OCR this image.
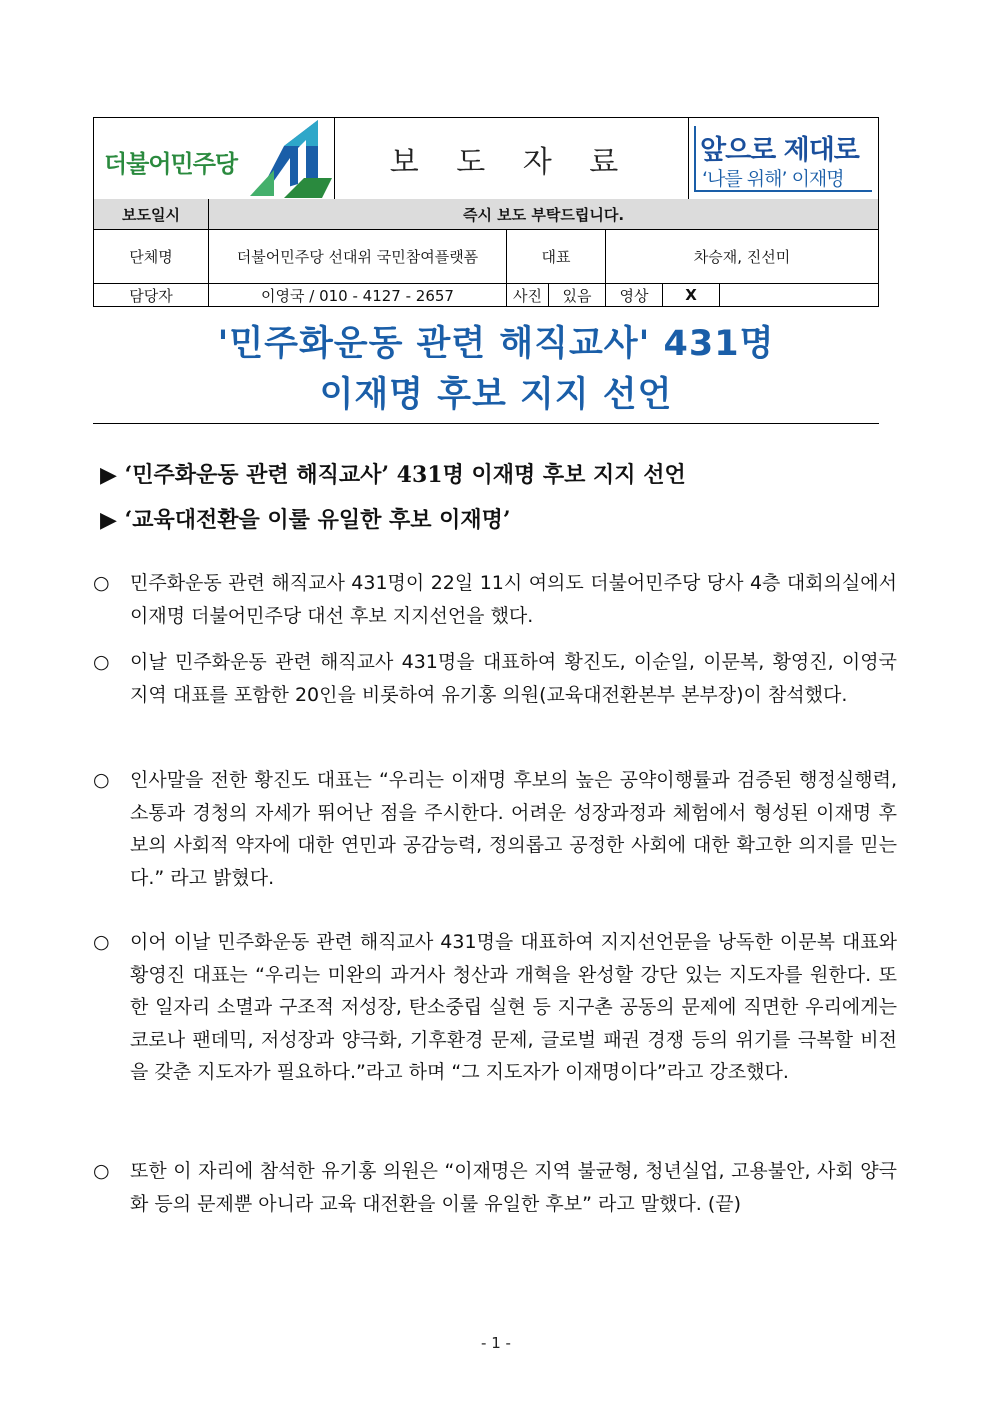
더불어민주당	보 도 자 료	앞으로 제대로
‘나를 위해’ 이재명
보도일시	즉시 보도 부탁드립니다.
단체명	더불어민주당 선대위 국민참여플랫폼	대표	차승재, 진선미
담당자	이영국 / 010 - 4127 - 2657	사진	있음	영상	X
'민주화운동 관련 해직교사' 431명
이재명 후보 지지 선언
▶ ‘민주화운동 관련 해직교사’ 431명 이재명 후보 지지 선언
▶ ‘교육대전환을 이룰 유일한 후보 이재명’
○	민주화운동 관련 해직교사 431명이 22일 11시 여의도 더불어민주당 당사 4층 대회의실에서 이재명 더불어민주당 대선 후보 지지선언을 했다.
○	이날 민주화운동 관련 해직교사 431명을 대표하여 황진도, 이순일, 이문복, 황영진, 이영국 지역 대표를 포함한 20인을 비롯하여 유기홍 의원(교육대전환본부 본부장)이 참석했다.
○	인사말을 전한 황진도 대표는 “우리는 이재명 후보의 높은 공약이행률과 검증된 행정실행력, 소통과 경청의 자세가 뛰어난 점을 주시한다. 어려운 성장과정과 체험에서 형성된 이재명 후보의 사회적 약자에 대한 연민과 공감능력, 정의롭고 공정한 사회에 대한 확고한 의지를 믿는다.” 라고 밝혔다.
○	이어 이날 민주화운동 관련 해직교사 431명을 대표하여 지지선언문을 낭독한 이문복 대표와 황영진 대표는 “우리는 미완의 과거사 청산과 개혁을 완성할 강단 있는 지도자를 원한다. 또한 일자리 소멸과 구조적 저성장, 탄소중립 실현 등 지구촌 공동의 문제에 직면한 우리에게는 코로나 팬데믹, 저성장과 양극화, 기후환경 문제, 글로벌 패권 경쟁 등의 위기를 극복할 비전을 갖춘 지도자가 필요하다.”라고 하며 “그 지도자가 이재명이다”라고 강조했다.
○	또한 이 자리에 참석한 유기홍 의원은 “이재명은 지역 불균형, 청년실업, 고용불안, 사회 양극화 등의 문제뿐 아니라 교육 대전환을 이룰 유일한 후보” 라고 말했다. (끝)
- 1 -
